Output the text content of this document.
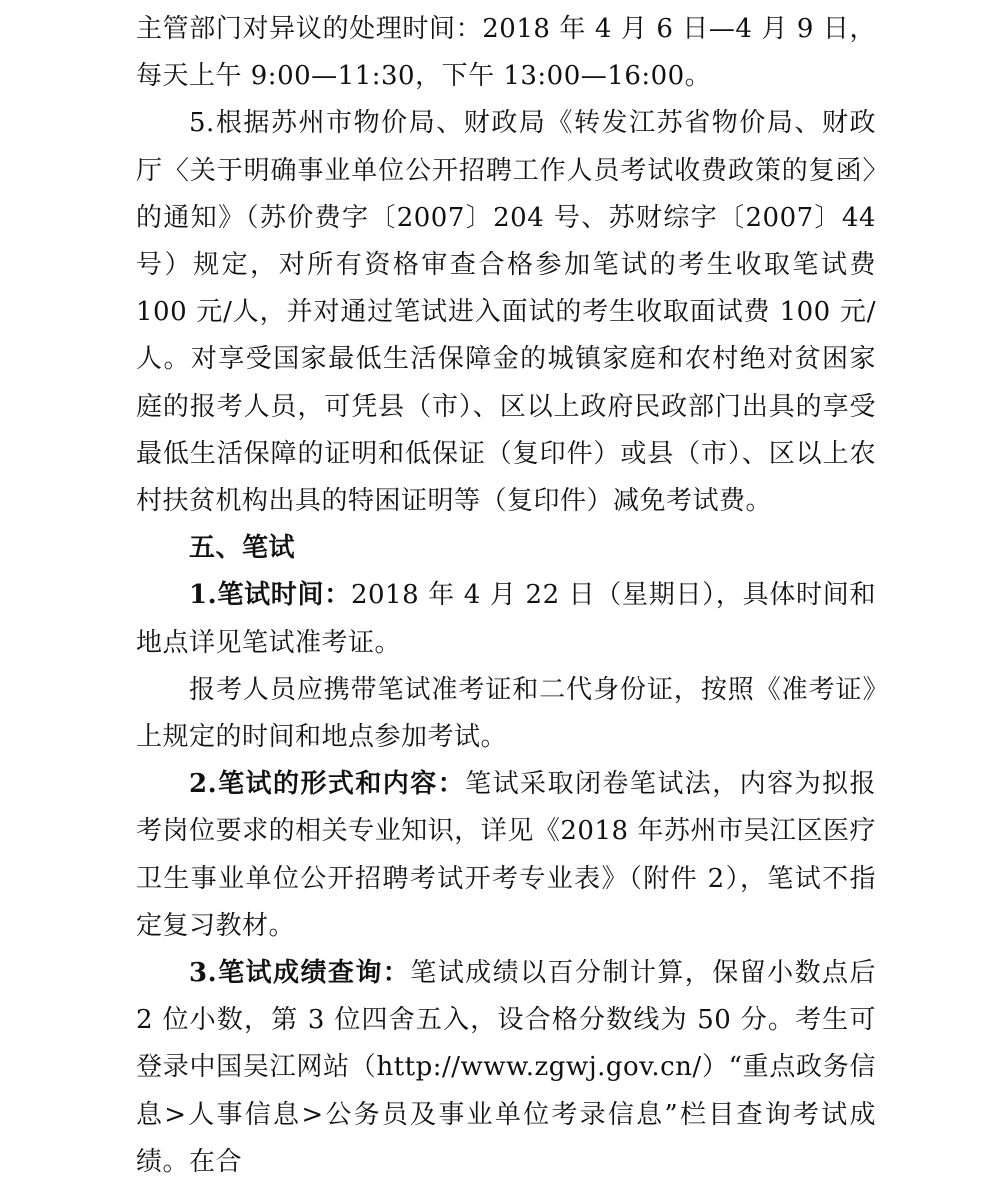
主管部门对异议的处理时间：2018 年 4 月 6 日—4 月 9 日，每天上午 9:00—11:30，下午 13:00—16:00。

5.根据苏州市物价局、财政局《转发江苏省物价局、财政厅〈关于明确事业单位公开招聘工作人员考试收费政策的复函〉的通知》（苏价费字〔2007〕204 号、苏财综字〔2007〕44 号）规定，对所有资格审查合格参加笔试的考生收取笔试费 100 元/人，并对通过笔试进入面试的考生收取面试费 100 元/人。对享受国家最低生活保障金的城镇家庭和农村绝对贫困家庭的报考人员，可凭县（市）、区以上政府民政部门出具的享受最低生活保障的证明和低保证（复印件）或县（市）、区以上农村扶贫机构出具的特困证明等（复印件）减免考试费。

五、笔试

1.笔试时间：2018 年 4 月 22 日（星期日），具体时间和地点详见笔试准考证。

报考人员应携带笔试准考证和二代身份证，按照《准考证》上规定的时间和地点参加考试。

2.笔试的形式和内容：笔试采取闭卷笔试法，内容为拟报考岗位要求的相关专业知识，详见《2018 年苏州市吴江区医疗卫生事业单位公开招聘考试开考专业表》（附件 2），笔试不指定复习教材。

3.笔试成绩查询：笔试成绩以百分制计算，保留小数点后 2 位小数，第 3 位四舍五入，设合格分数线为 50 分。考生可登录中国吴江网站（http://www.zgwj.gov.cn/）“重点政务信息>人事信息>公务员及事业单位考录信息”栏目查询考试成绩。在合
